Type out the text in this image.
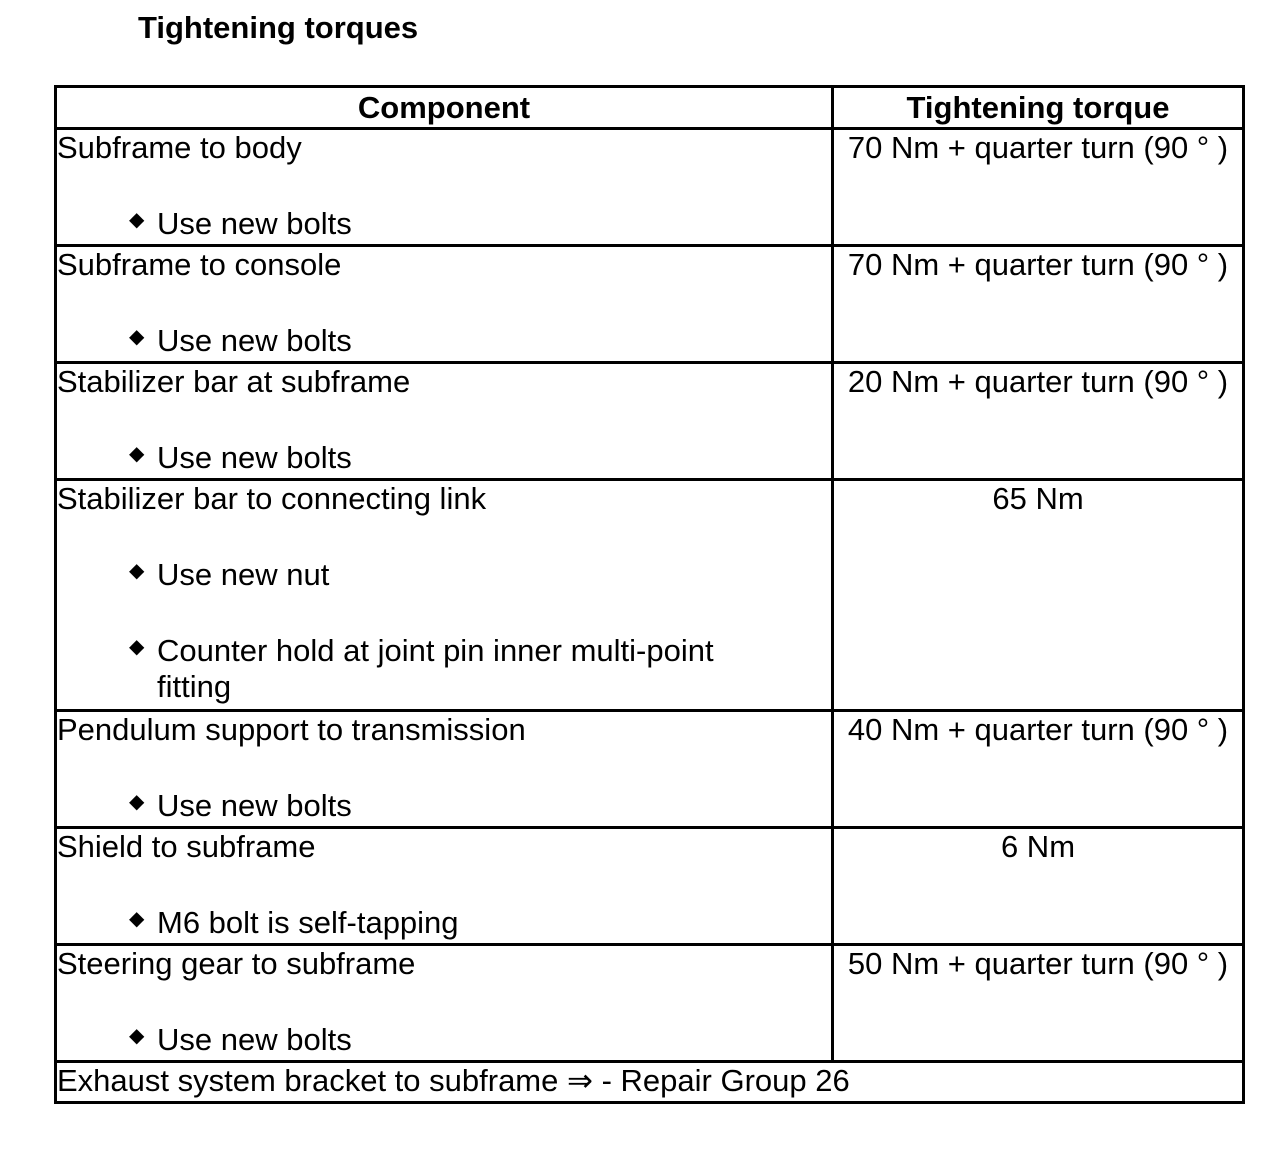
Tightening torques
Component	Tightening torque

Subframe to body
◆ Use new bolts	70 Nm + quarter turn (90 ° )

Subframe to console
◆ Use new bolts	70 Nm + quarter turn (90 ° )

Stabilizer bar at subframe
◆ Use new bolts	20 Nm + quarter turn (90 ° )

Stabilizer bar to connecting link
◆ Use new nut
◆ Counter hold at joint pin inner multi-point fitting	65 Nm

Pendulum support to transmission
◆ Use new bolts	40 Nm + quarter turn (90 ° )

Shield to subframe
◆ M6 bolt is self-tapping	6 Nm

Steering gear to subframe
◆ Use new bolts	50 Nm + quarter turn (90 ° )
Exhaust system bracket to subframe ⇒ - Repair Group 26	
